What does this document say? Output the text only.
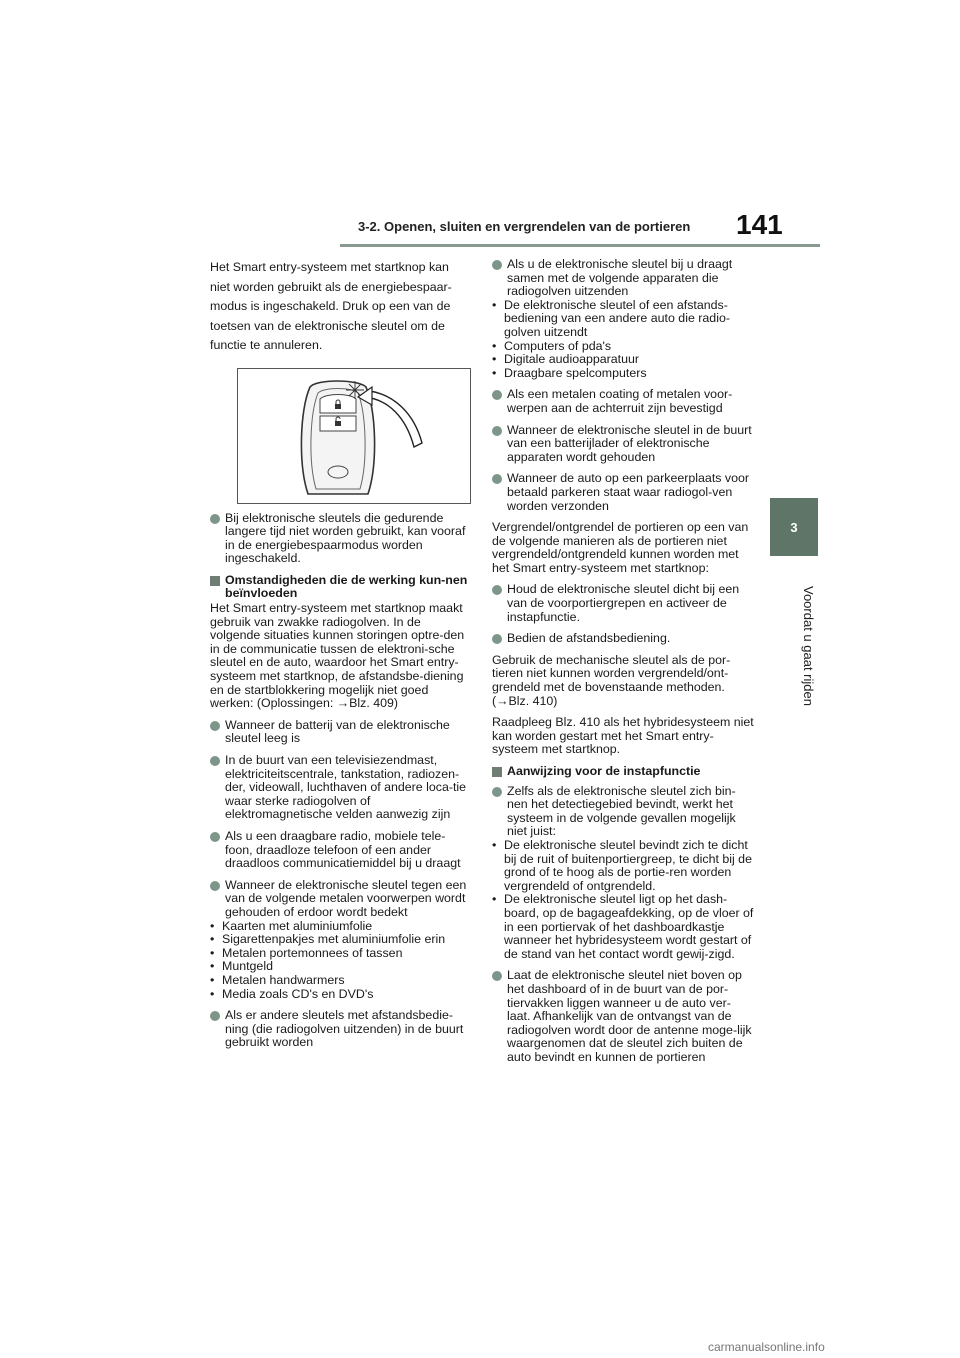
3-2. Openen, sluiten en vergrendelen van de portieren 141
3
Voordat u gaat rijden

Het Smart entry-systeem met startknop kan niet worden gebruikt als de energiebespaar-modus is ingeschakeld. Druk op een van de toetsen van de elektronische sleutel om de functie te annuleren.

Bij elektronische sleutels die gedurende langere tijd niet worden gebruikt, kan vooraf in de energiebespaarmodus worden ingeschakeld.
Omstandigheden die de werking kun-nen beïnvloeden

Het Smart entry-systeem met startknop maakt gebruik van zwakke radiogolven. In de volgende situaties kunnen storingen optre-den in de communicatie tussen de elektroni-sche sleutel en de auto, waardoor het Smart entry-systeem met startknop, de afstandsbe-diening en de startblokkering mogelijk niet goed werken: (Oplossingen: →Blz. 409)

Wanneer de batterij van de elektronische sleutel leeg is
In de buurt van een televisiezendmast, elektriciteitscentrale, tankstation, radiozen-der, videowall, luchthaven of andere loca-tie waar sterke radiogolven of elektromagnetische velden aanwezig zijn
Als u een draagbare radio, mobiele tele-foon, draadloze telefoon of een ander draadloos communicatiemiddel bij u draagt
Wanneer de elektronische sleutel tegen een van de volgende metalen voorwerpen wordt gehouden of erdoor wordt bedekt
• Kaarten met aluminiumfolie
• Sigarettenpakjes met aluminiumfolie erin
• Metalen portemonnees of tassen
• Muntgeld
• Metalen handwarmers
• Media zoals CD's en DVD's
Als er andere sleutels met afstandsbedie-ning (die radiogolven uitzenden) in de buurt gebruikt worden
Als u de elektronische sleutel bij u draagt samen met de volgende apparaten die radiogolven uitzenden
• De elektronische sleutel of een afstands-bediening van een andere auto die radio-golven uitzendt
• Computers of pda's
• Digitale audioapparatuur
• Draagbare spelcomputers
Als een metalen coating of metalen voor-werpen aan de achterruit zijn bevestigd
Wanneer de elektronische sleutel in de buurt van een batterijlader of elektronische apparaten wordt gehouden
Wanneer de auto op een parkeerplaats voor betaald parkeren staat waar radiogol-ven worden verzonden

Vergrendel/ontgrendel de portieren op een van de volgende manieren als de portieren niet vergrendeld/ontgrendeld kunnen worden met het Smart entry-systeem met startknop:

Houd de elektronische sleutel dicht bij een van de voorportiergrepen en activeer de instapfunctie.
Bedien de afstandsbediening.

Gebruik de mechanische sleutel als de por-tieren niet kunnen worden vergrendeld/ont-grendeld met de bovenstaande methoden. (→Blz. 410)

Raadpleeg Blz. 410 als het hybridesysteem niet kan worden gestart met het Smart entry-systeem met startknop.

Aanwijzing voor de instapfunctie
Zelfs als de elektronische sleutel zich bin-nen het detectiegebied bevindt, werkt het systeem in de volgende gevallen mogelijk niet juist:
• De elektronische sleutel bevindt zich te dicht bij de ruit of buitenportiergreep, te dicht bij de grond of te hoog als de portie-ren worden vergrendeld of ontgrendeld.
• De elektronische sleutel ligt op het dash-board, op de bagageafdekking, op de vloer of in een portiervak of het dashboardkastje wanneer het hybridesysteem wordt gestart of de stand van het contact wordt gewij-zigd.
Laat de elektronische sleutel niet boven op het dashboard of in de buurt van de por-tiervakken liggen wanneer u de auto ver-laat. Afhankelijk van de ontvangst van de radiogolven wordt door de antenne moge-lijk waargenomen dat de sleutel zich buiten de auto bevindt en kunnen de portieren
carmanualsonline.info
